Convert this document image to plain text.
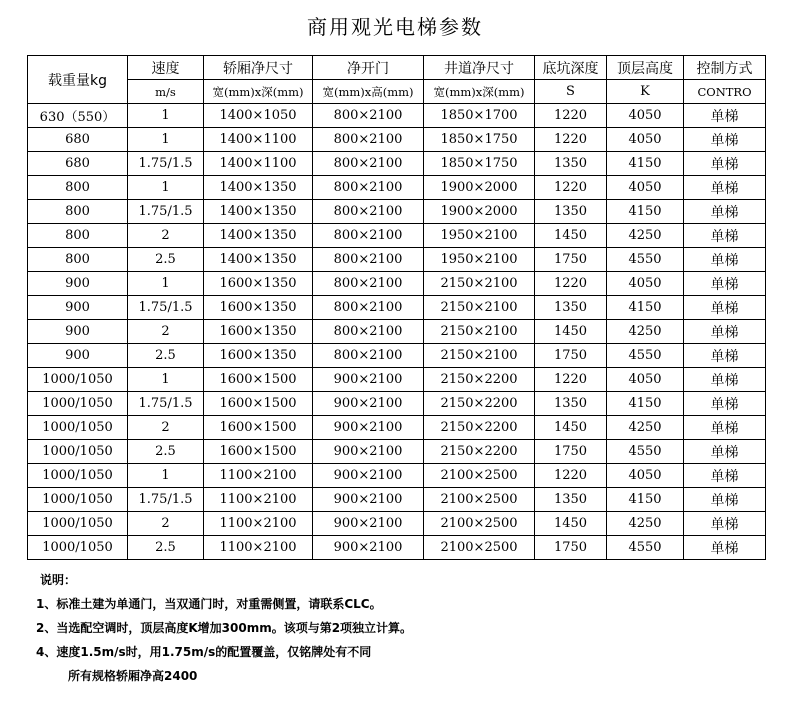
商用观光电梯参数
载重量kg	速度	轿厢净尺寸	净开门	井道净尺寸	底坑深度	顶层高度	控制方式
	m/s	宽(mm)x深(mm)	宽(mm)x高(mm)	宽(mm)x深(mm)	S	K	CONTRO
630（550）	1	1400×1050	800×2100	1850×1700	1220	4050	单梯
680	1	1400×1100	800×2100	1850×1750	1220	4050	单梯
680	1.75/1.5	1400×1100	800×2100	1850×1750	1350	4150	单梯
800	1	1400×1350	800×2100	1900×2000	1220	4050	单梯
800	1.75/1.5	1400×1350	800×2100	1900×2000	1350	4150	单梯
800	2	1400×1350	800×2100	1950×2100	1450	4250	单梯
800	2.5	1400×1350	800×2100	1950×2100	1750	4550	单梯
900	1	1600×1350	800×2100	2150×2100	1220	4050	单梯
900	1.75/1.5	1600×1350	800×2100	2150×2100	1350	4150	单梯
900	2	1600×1350	800×2100	2150×2100	1450	4250	单梯
900	2.5	1600×1350	800×2100	2150×2100	1750	4550	单梯
1000/1050	1	1600×1500	900×2100	2150×2200	1220	4050	单梯
1000/1050	1.75/1.5	1600×1500	900×2100	2150×2200	1350	4150	单梯
1000/1050	2	1600×1500	900×2100	2150×2200	1450	4250	单梯
1000/1050	2.5	1600×1500	900×2100	2150×2200	1750	4550	单梯
1000/1050	1	1100×2100	900×2100	2100×2500	1220	4050	单梯
1000/1050	1.75/1.5	1100×2100	900×2100	2100×2500	1350	4150	单梯
1000/1050	2	1100×2100	900×2100	2100×2500	1450	4250	单梯
1000/1050	2.5	1100×2100	900×2100	2100×2500	1750	4550	单梯
说明：
1、标准土建为单通门，当双通门时，对重需侧置，请联系CLC。
2、当选配空调时，顶层高度K增加300mm。该项与第2项独立计算。
4、速度1.5m/s时，用1.75m/s的配置覆盖，仅铭牌处有不同
所有规格轿厢净高2400
